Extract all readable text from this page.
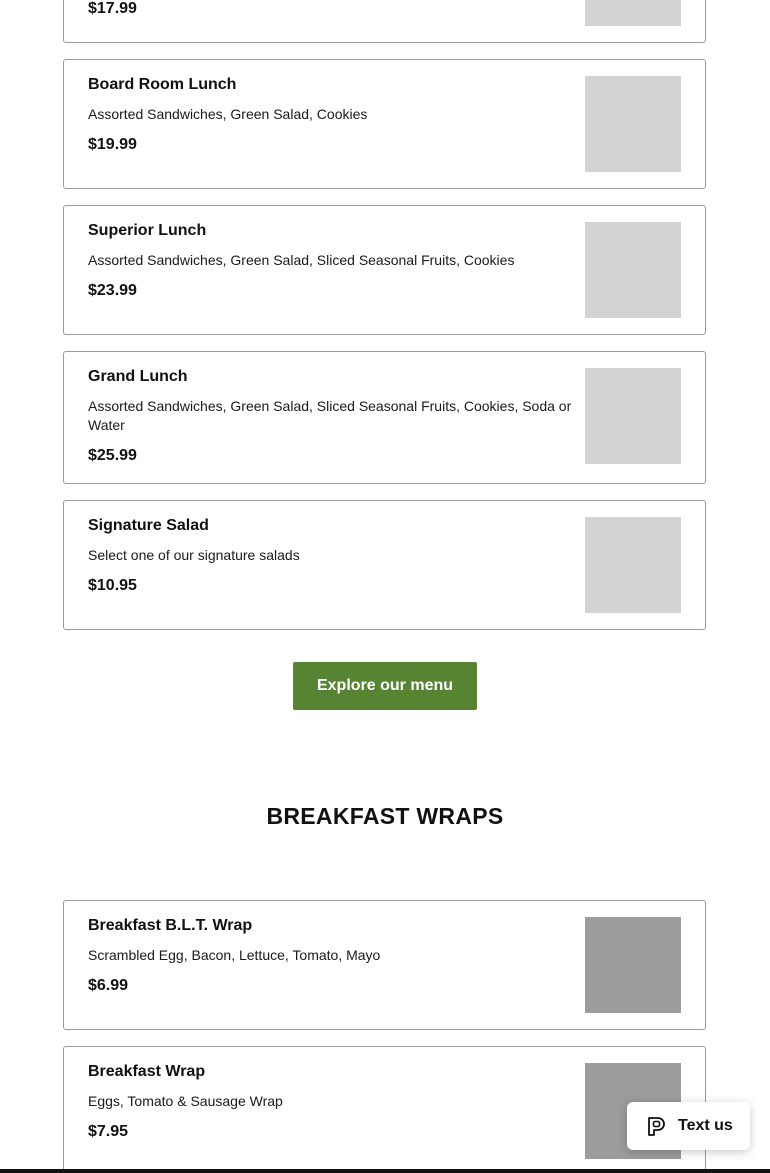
$17.99

Board Room Lunch

Assorted Sandwiches, Green Salad, Cookies

$19.99

Superior Lunch

Assorted Sandwiches, Green Salad, Sliced Seasonal Fruits, Cookies

$23.99

Grand Lunch

Assorted Sandwiches, Green Salad, Sliced Seasonal Fruits, Cookies, Soda or Water

$25.99

Signature Salad

Select one of our signature salads

$10.95

Explore our menu
BREAKFAST WRAPS

Breakfast B.L.T. Wrap

Scrambled Egg, Bacon, Lettuce, Tomato, Mayo

$6.99

Breakfast Wrap

Eggs, Tomato & Sausage Wrap

$7.95	Text us
